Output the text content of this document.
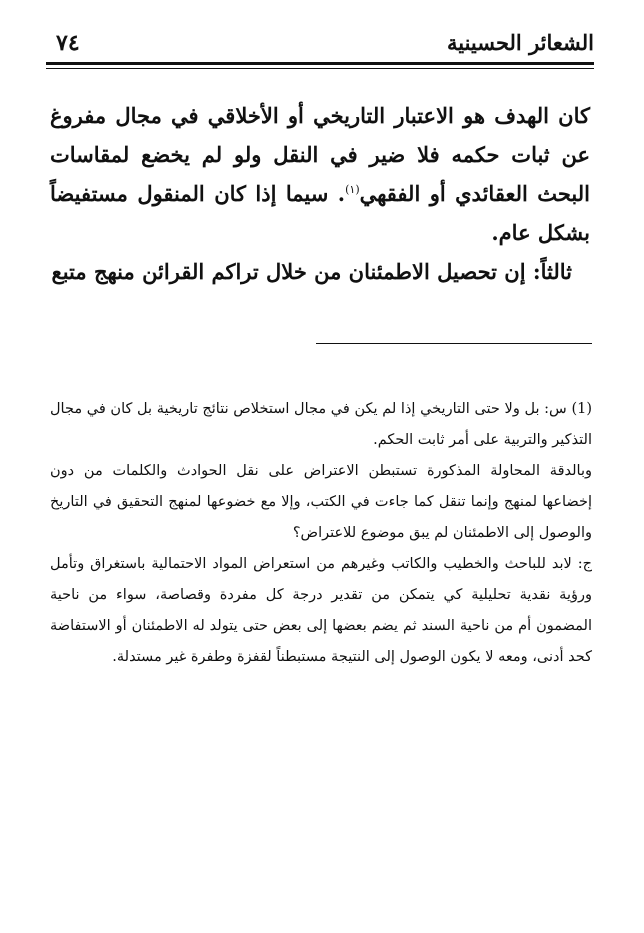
الشعائر الحسينية
٧٤

كان الهدف هو الاعتبار التاريخي أو الأخلاقي في مجال مفروغ عن ثبات حكمه فلا ضير في النقل ولو لم يخضع لمقاسات البحث العقائدي أو الفقهي$^{(١)}$. سيما إذا كان المنقول مستفيضاً بشكل عام.

ثالثاً: إن تحصيل الاطمئنان من خلال تراكم القرائن منهج متبع

(1) س: بل ولا حتى التاريخي إذا لم يكن في مجال استخلاص نتائج تاريخية بل كان في مجال التذكير والتربية على أمر ثابت الحكم.

وبالدقة المحاولة المذكورة تستبطن الاعتراض على نقل الحوادث والكلمات من دون إخضاعها لمنهج وإنما تنقل كما جاءت في الكتب، وإلا مع خضوعها لمنهج التحقيق في التاريخ والوصول إلى الاطمئنان لم يبق موضوع للاعتراض؟

ج: لابد للباحث والخطيب والكاتب وغيرهم من استعراض المواد الاحتمالية باستغراق وتأمل ورؤية نقدية تحليلية كي يتمكن من تقدير درجة كل مفردة وقصاصة، سواء من ناحية المضمون أم من ناحية السند ثم يضم بعضها إلى بعض حتى يتولد له الاطمئنان أو الاستفاضة كحد أدنى، ومعه لا يكون الوصول إلى النتيجة مستبطناً لقفزة وطفرة غير مستدلة.
